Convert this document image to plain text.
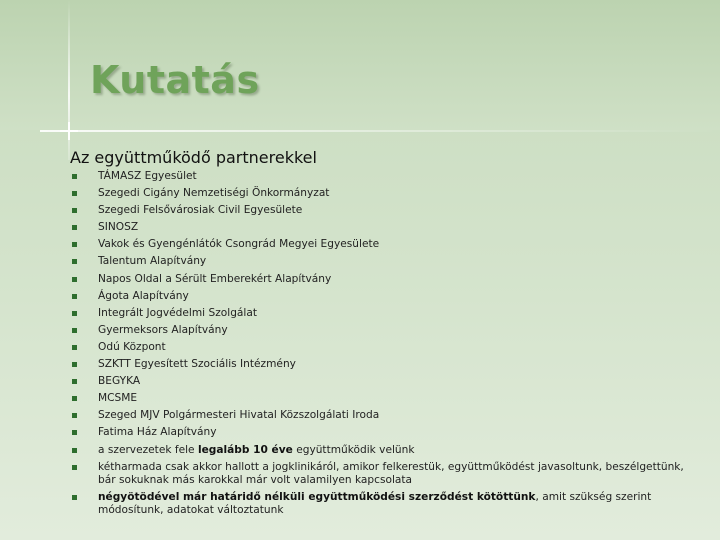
Kutatás
Az együttműködő partnerekkel
TÁMASZ Egyesület
Szegedi Cigány Nemzetiségi Önkormányzat
Szegedi Felsővárosiak Civil Egyesülete
SINOSZ
Vakok és Gyengénlátók Csongrád Megyei Egyesülete
Talentum Alapítvány
Napos Oldal a Sérült Emberekért Alapítvány
Ágota Alapítvány
Integrált Jogvédelmi Szolgálat
Gyermeksors Alapítvány
Odú Központ
SZKTT Egyesített Szociális Intézmény
BEGYKA
MCSME
Szeged MJV Polgármesteri Hivatal Közszolgálati Iroda
Fatima Ház Alapítvány
a szervezetek fele legalább 10 éve együttműködik velünk
kétharmada csak akkor hallott a jogklinikáról, amikor felkerestük, együttműködést javasoltunk, beszélgettünk, bár sokuknak más karokkal már volt valamilyen kapcsolata
négyötödével már határidő nélküli együttműködési szerződést kötöttünk, amit szükség szerint módosítunk, adatokat változtatunk
